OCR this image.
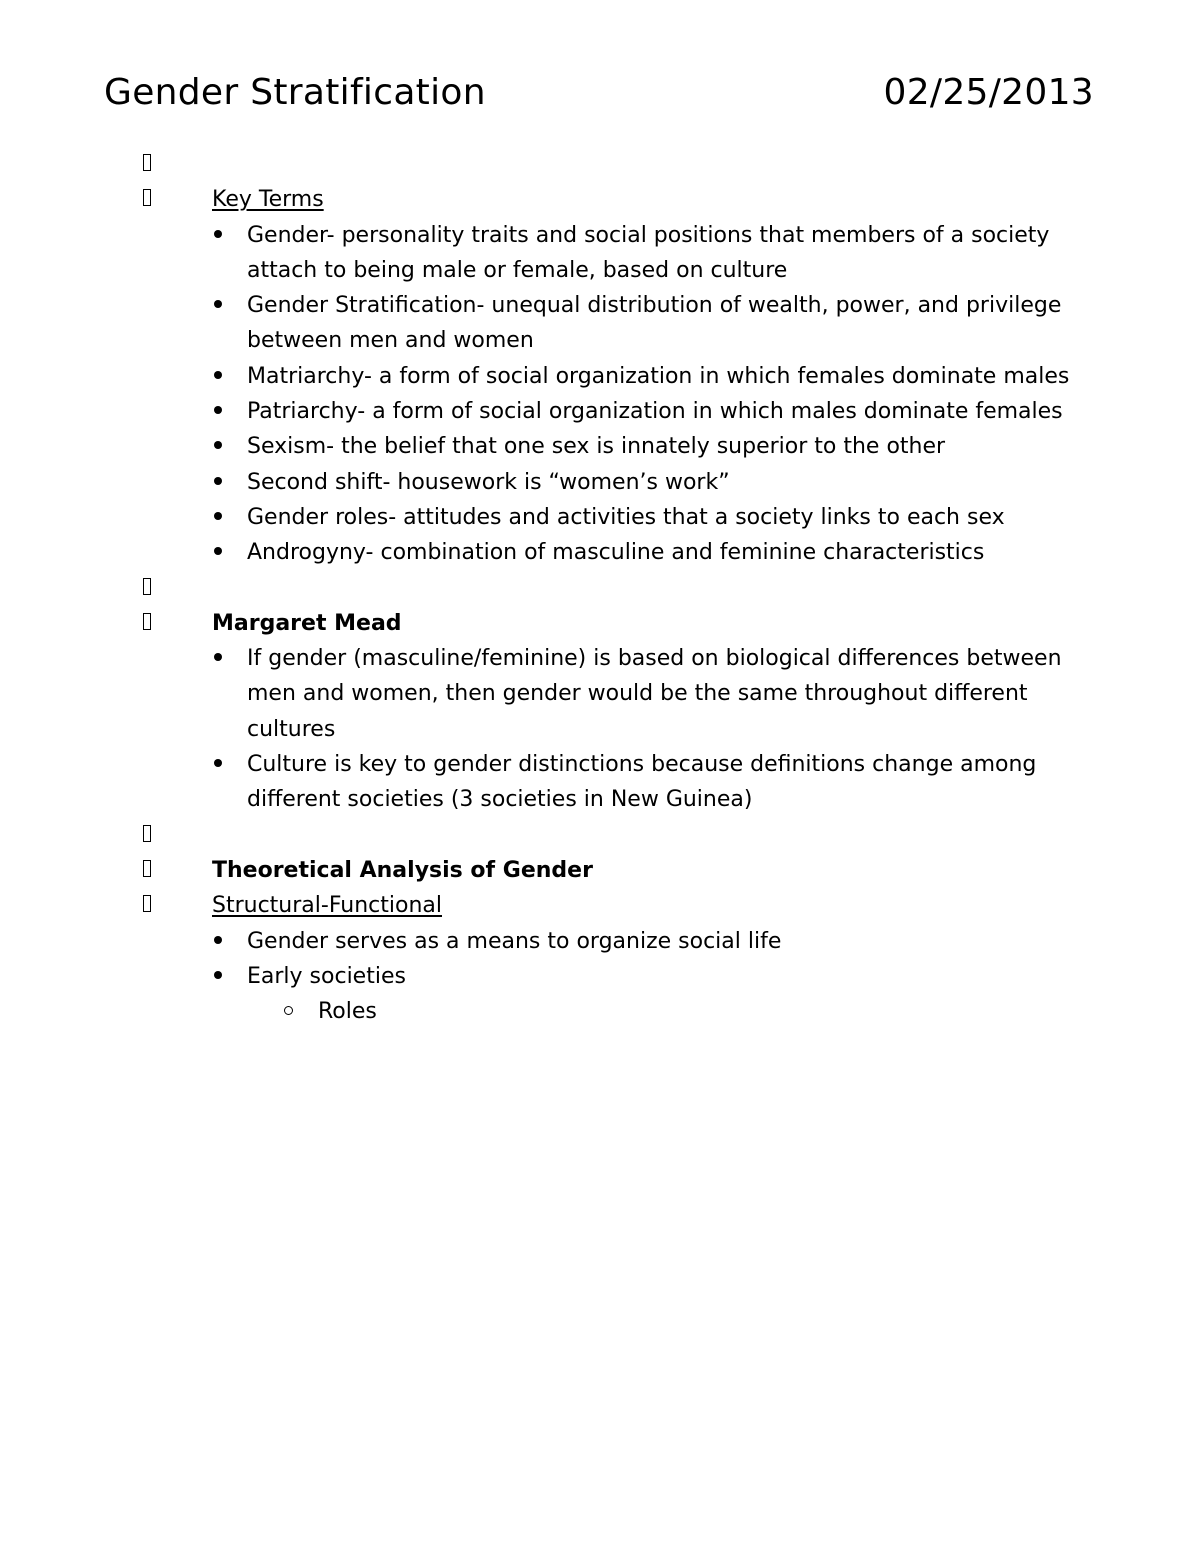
Gender Stratification	02/25/2013
Key Terms
Gender- personality traits and social positions that members of a society attach to being male or female, based on culture
Gender Stratification- unequal distribution of wealth, power, and privilege between men and women
Matriarchy- a form of social organization in which females dominate males
Patriarchy- a form of social organization in which males dominate females
Sexism- the belief that one sex is innately superior to the other
Second shift- housework is “women’s work”
Gender roles- attitudes and activities that a society links to each sex
Androgyny- combination of masculine and feminine characteristics
Margaret Mead
If gender (masculine/feminine) is based on biological differences between men and women, then gender would be the same throughout different cultures
Culture is key to gender distinctions because definitions change among different societies (3 societies in New Guinea)
Theoretical Analysis of Gender
Structural-Functional
Gender serves as a means to organize social life
Early societies
Roles
